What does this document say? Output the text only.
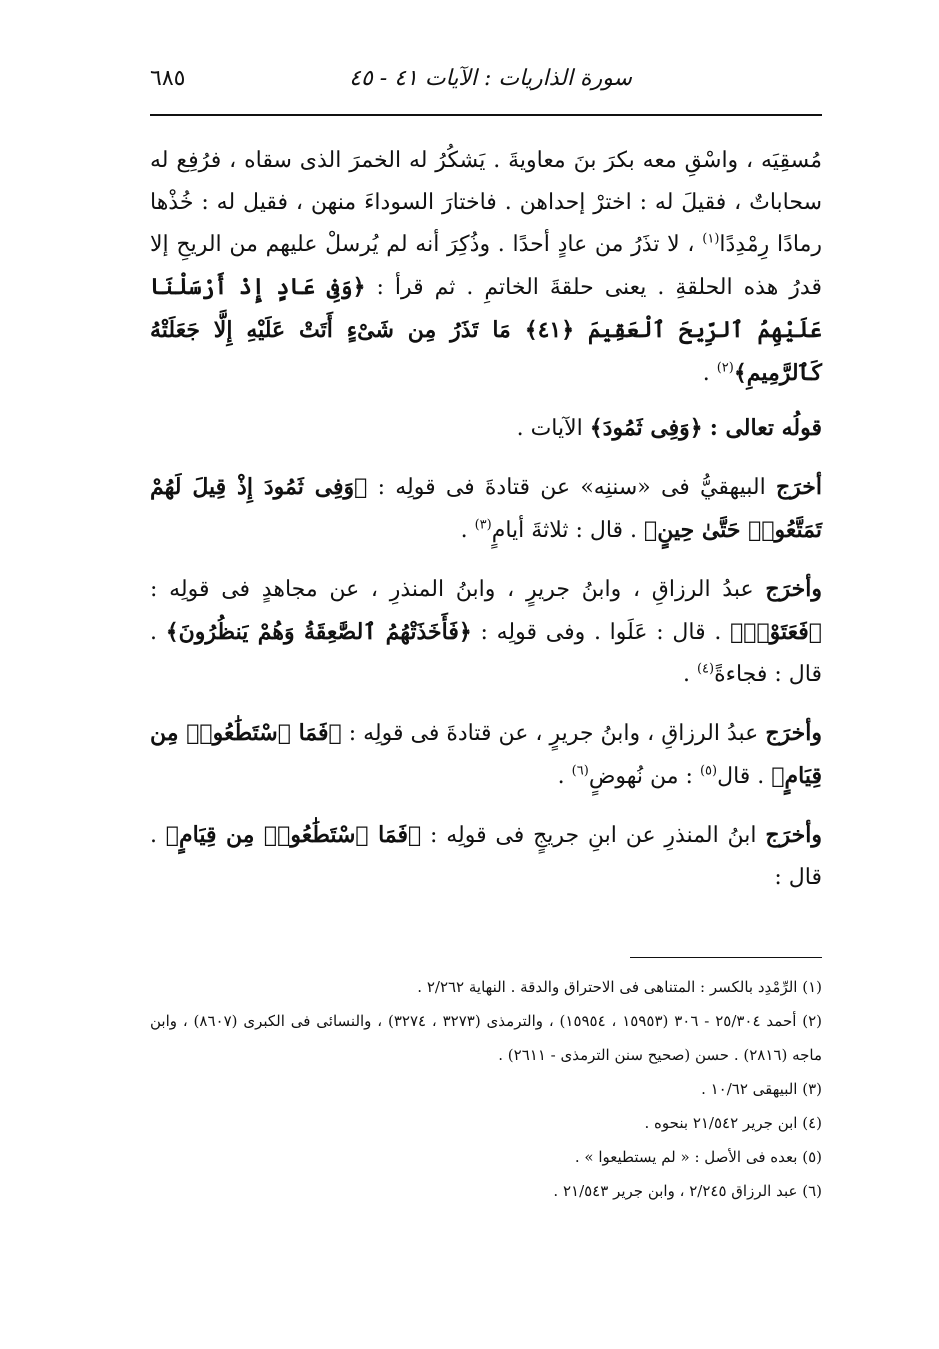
سورة الذاريات : الآيات ٤١ - ٤٥
٦٨٥

مُسقِيَه ، واسْقِ معه بكرَ بنَ معاويةَ . يَشكُرُ له الخمرَ الذى سقاه ، فرُفِع له سحاباتٌ ، فقيلَ له : اخترْ إحداهن . فاختارَ السوداءَ منهن ، فقيل له : خُذْها رمادًا رِمْدِدًا$^{(١)}$ ، لا تذَرُ من عادٍ أحدًا . وذُكِرَ أنه لم يُرسلْ عليهم من الريحِ إلا قدرُ هذه الحلقةِ . يعنى حلقةَ الخاتمِ . ثم قرأ : ﴿وَفِى عَادٍ إِذْ أَرْسَلْنَا عَلَيْهِمُ ٱلرِّيحَ ٱلْعَقِيمَ ﴿٤١﴾ مَا تَذَرُ مِن شَىْءٍ أَتَتْ عَلَيْهِ إِلَّا جَعَلَتْهُ كَٱلرَّمِيمِ﴾$^{(٢)}$ .

قولُه تعالى : ﴿وَفِى ثَمُودَ﴾ الآيات .

أخرَج البيهقيُّ فى «سننِه» عن قتادةَ فى قولِه : ﴿وَفِى ثَمُودَ إِذْ قِيلَ لَهُمْ تَمَتَّعُوا۟ حَتَّىٰ حِينٍ﴾ . قال : ثلاثةَ أيامٍ$^{(٣)}$ .

وأخرَج عبدُ الرزاقِ ، وابنُ جريرٍ ، وابنُ المنذرِ ، عن مجاهدٍ فى قولِه : ﴿فَعَتَوْا۟﴾ . قال : عَلَوا . وفى قولِه : ﴿فَأَخَذَتْهُمُ ٱلصَّٰعِقَةُ وَهُمْ يَنظُرُونَ﴾ . قال : فجاءةً$^{(٤)}$ .

وأخرَج عبدُ الرزاقِ ، وابنُ جريرٍ ، عن قتادةَ فى قولِه : ﴿فَمَا ٱسْتَطَٰعُوا۟ مِن قِيَامٍ﴾ . قال$^{(٥)}$ : من نُهوضٍ$^{(٦)}$ .

وأخرَج ابنُ المنذرِ عن ابنِ جريجٍ فى قولِه : ﴿فَمَا ٱسْتَطَٰعُوا۟ مِن قِيَامٍ﴾ . قال :

(١) الرِّمْدِد بالكسر : المتناهى فى الاحتراق والدقة . النهاية ٢/٢٦٢ .

(٢) أحمد ٢٥/٣٠٤ - ٣٠٦ (١٥٩٥٣ ، ١٥٩٥٤) ، والترمذى (٣٢٧٣ ، ٣٢٧٤) ، والنسائى فى الكبرى (٨٦٠٧) ، وابن ماجه (٢٨١٦) . حسن (صحيح سنن الترمذى - ٢٦١١) .

(٣) البيهقى ١٠/٦٢ .

(٤) ابن جرير ٢١/٥٤٢ بنحوه .

(٥) بعده فى الأصل : « لم يستطيعوا » .

(٦) عبد الرزاق ٢/٢٤٥ ، وابن جرير ٢١/٥٤٣ .
